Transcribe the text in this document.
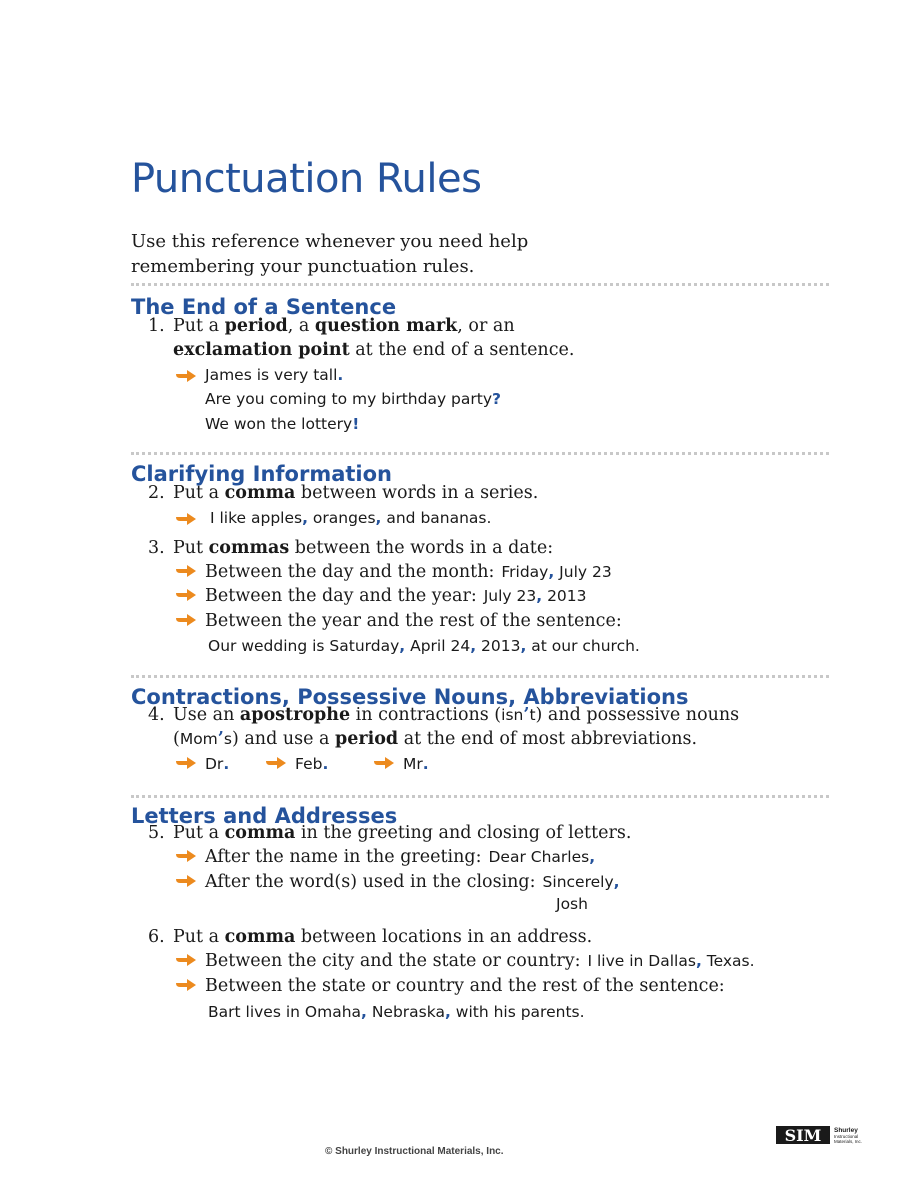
Punctuation Rules
Use this reference whenever you need help
remembering your punctuation rules.
The End of a Sentence
1. Put a period, a question mark, or an
exclamation point at the end of a sentence.
James is very tall.
Are you coming to my birthday party?
We won the lottery!
Clarifying Information
2. Put a comma between words in a series.
I like apples, oranges, and bananas.
3. Put commas between the words in a date:
Between the day and the month: Friday, July 23
Between the day and the year: July 23, 2013
Between the year and the rest of the sentence:
Our wedding is Saturday, April 24, 2013, at our church.
Contractions, Possessive Nouns, Abbreviations
4. Use an apostrophe in contractions (isn’t) and possessive nouns
(Mom’s) and use a period at the end of most abbreviations.
Dr.	Feb.	Mr.
Letters and Addresses
5. Put a comma in the greeting and closing of letters.
After the name in the greeting: Dear Charles,
After the word(s) used in the closing: Sincerely,
Josh
6. Put a comma between locations in an address.
Between the city and the state or country: I live in Dallas, Texas.
Between the state or country and the rest of the sentence:
Bart lives in Omaha, Nebraska, with his parents.
© Shurley Instructional Materials, Inc.
SIM Shurley
Instructional
Materials, Inc.
